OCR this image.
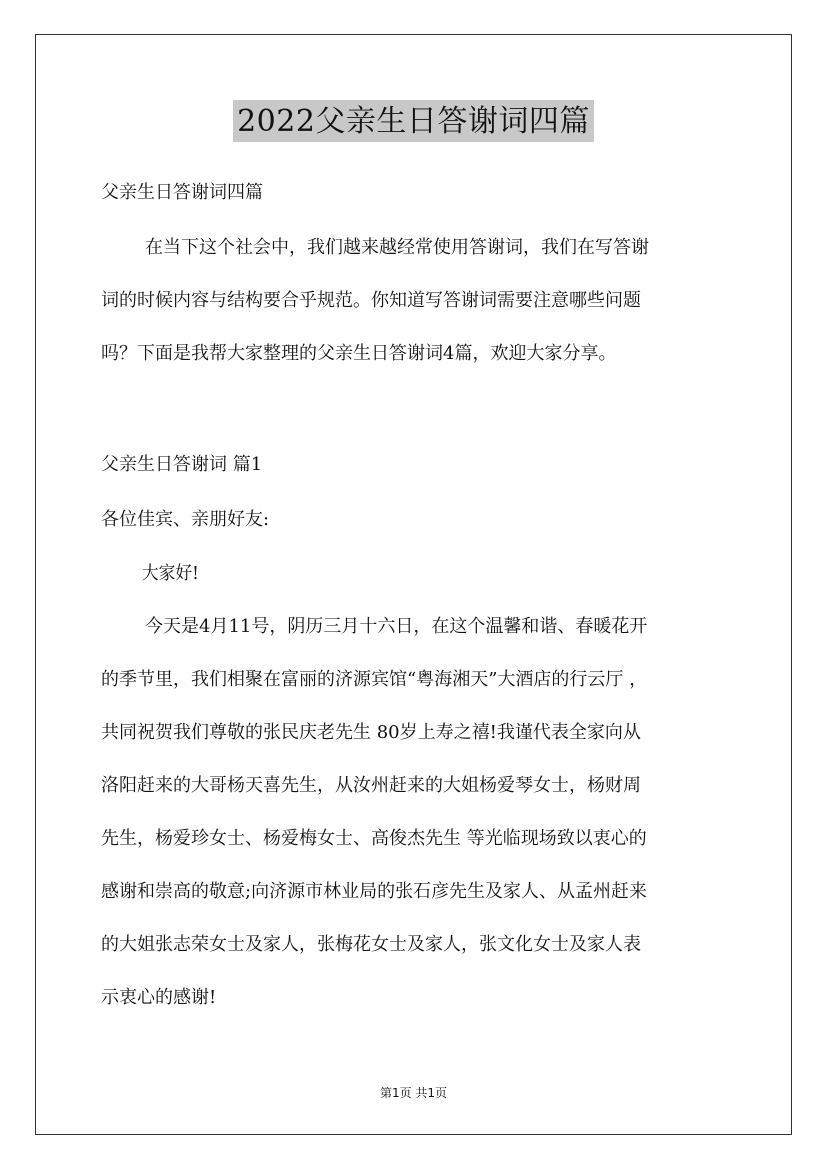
2022父亲生日答谢词四篇
父亲生日答谢词四篇
在当下这个社会中，我们越来越经常使用答谢词，我们在写答谢
词的时候内容与结构要合乎规范。你知道写答谢词需要注意哪些问题
吗？下面是我帮大家整理的父亲生日答谢词4篇，欢迎大家分享。
父亲生日答谢词 篇1
各位佳宾、亲朋好友:
大家好!
今天是4月11号，阴历三月十六日，在这个温馨和谐、春暖花开
的季节里，我们相聚在富丽的济源宾馆“粤海湘天”大酒店的行云厅 ，
共同祝贺我们尊敬的张民庆老先生 80岁上寿之禧!我谨代表全家向从
洛阳赶来的大哥杨天喜先生，从汝州赶来的大姐杨爱琴女士，杨财周
先生，杨爱珍女士、杨爱梅女士、高俊杰先生 等光临现场致以衷心的
感谢和崇高的敬意;向济源市林业局的张石彦先生及家人、从孟州赶来
的大姐张志荣女士及家人，张梅花女士及家人，张文化女士及家人表
示衷心的感谢!
第1页 共1页
